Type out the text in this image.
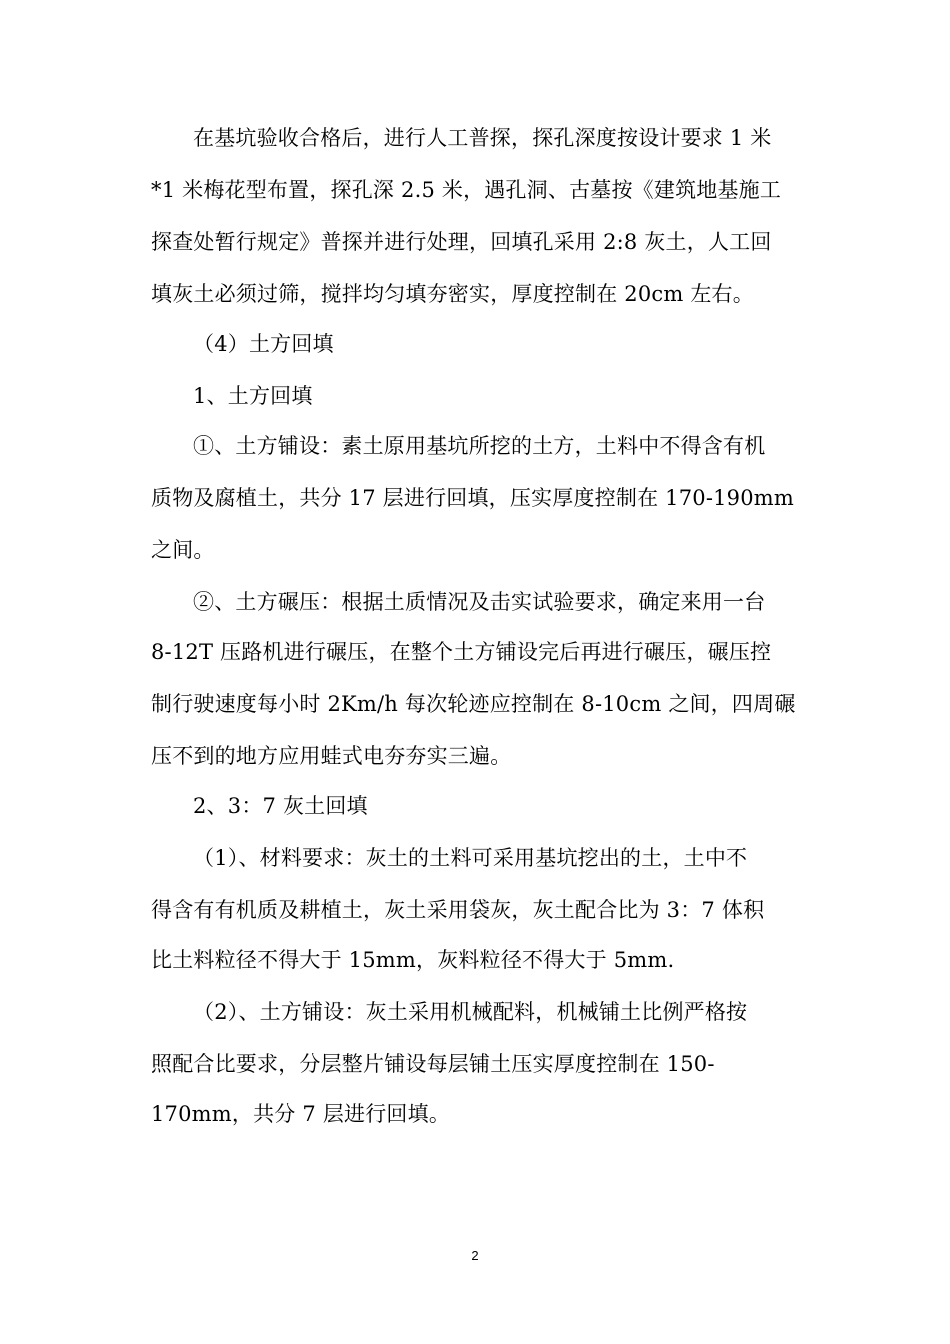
在基坑验收合格后，进行人工普探，探孔深度按设计要求 1 米
*1 米梅花型布置，探孔深 2.5 米，遇孔洞、古墓按《建筑地基施工
探查处暂行规定》普探并进行处理，回填孔采用 2:8 灰土，人工回
填灰土必须过筛，搅拌均匀填夯密实，厚度控制在 20cm 左右。
（4）土方回填
1、土方回填
①、土方铺设：素土原用基坑所挖的土方，土料中不得含有机
质物及腐植土，共分 17 层进行回填，压实厚度控制在 170-190mm
之间。
②、土方碾压：根据土质情况及击实试验要求，确定来用一台
8-12T 压路机进行碾压，在整个土方铺设完后再进行碾压，碾压控
制行驶速度每小时 2Km/h 每次轮迹应控制在 8-10cm 之间，四周碾
压不到的地方应用蛙式电夯夯实三遍。
2、3：7 灰土回填
（1）、材料要求：灰土的土料可采用基坑挖出的土，土中不
得含有有机质及耕植土，灰土采用袋灰，灰土配合比为 3：7 体积
比土料粒径不得大于 15mm，灰料粒径不得大于 5mm.
（2）、土方铺设：灰土采用机械配料，机械铺土比例严格按
照配合比要求，分层整片铺设每层铺土压实厚度控制在 150-
170mm，共分 7 层进行回填。
2
